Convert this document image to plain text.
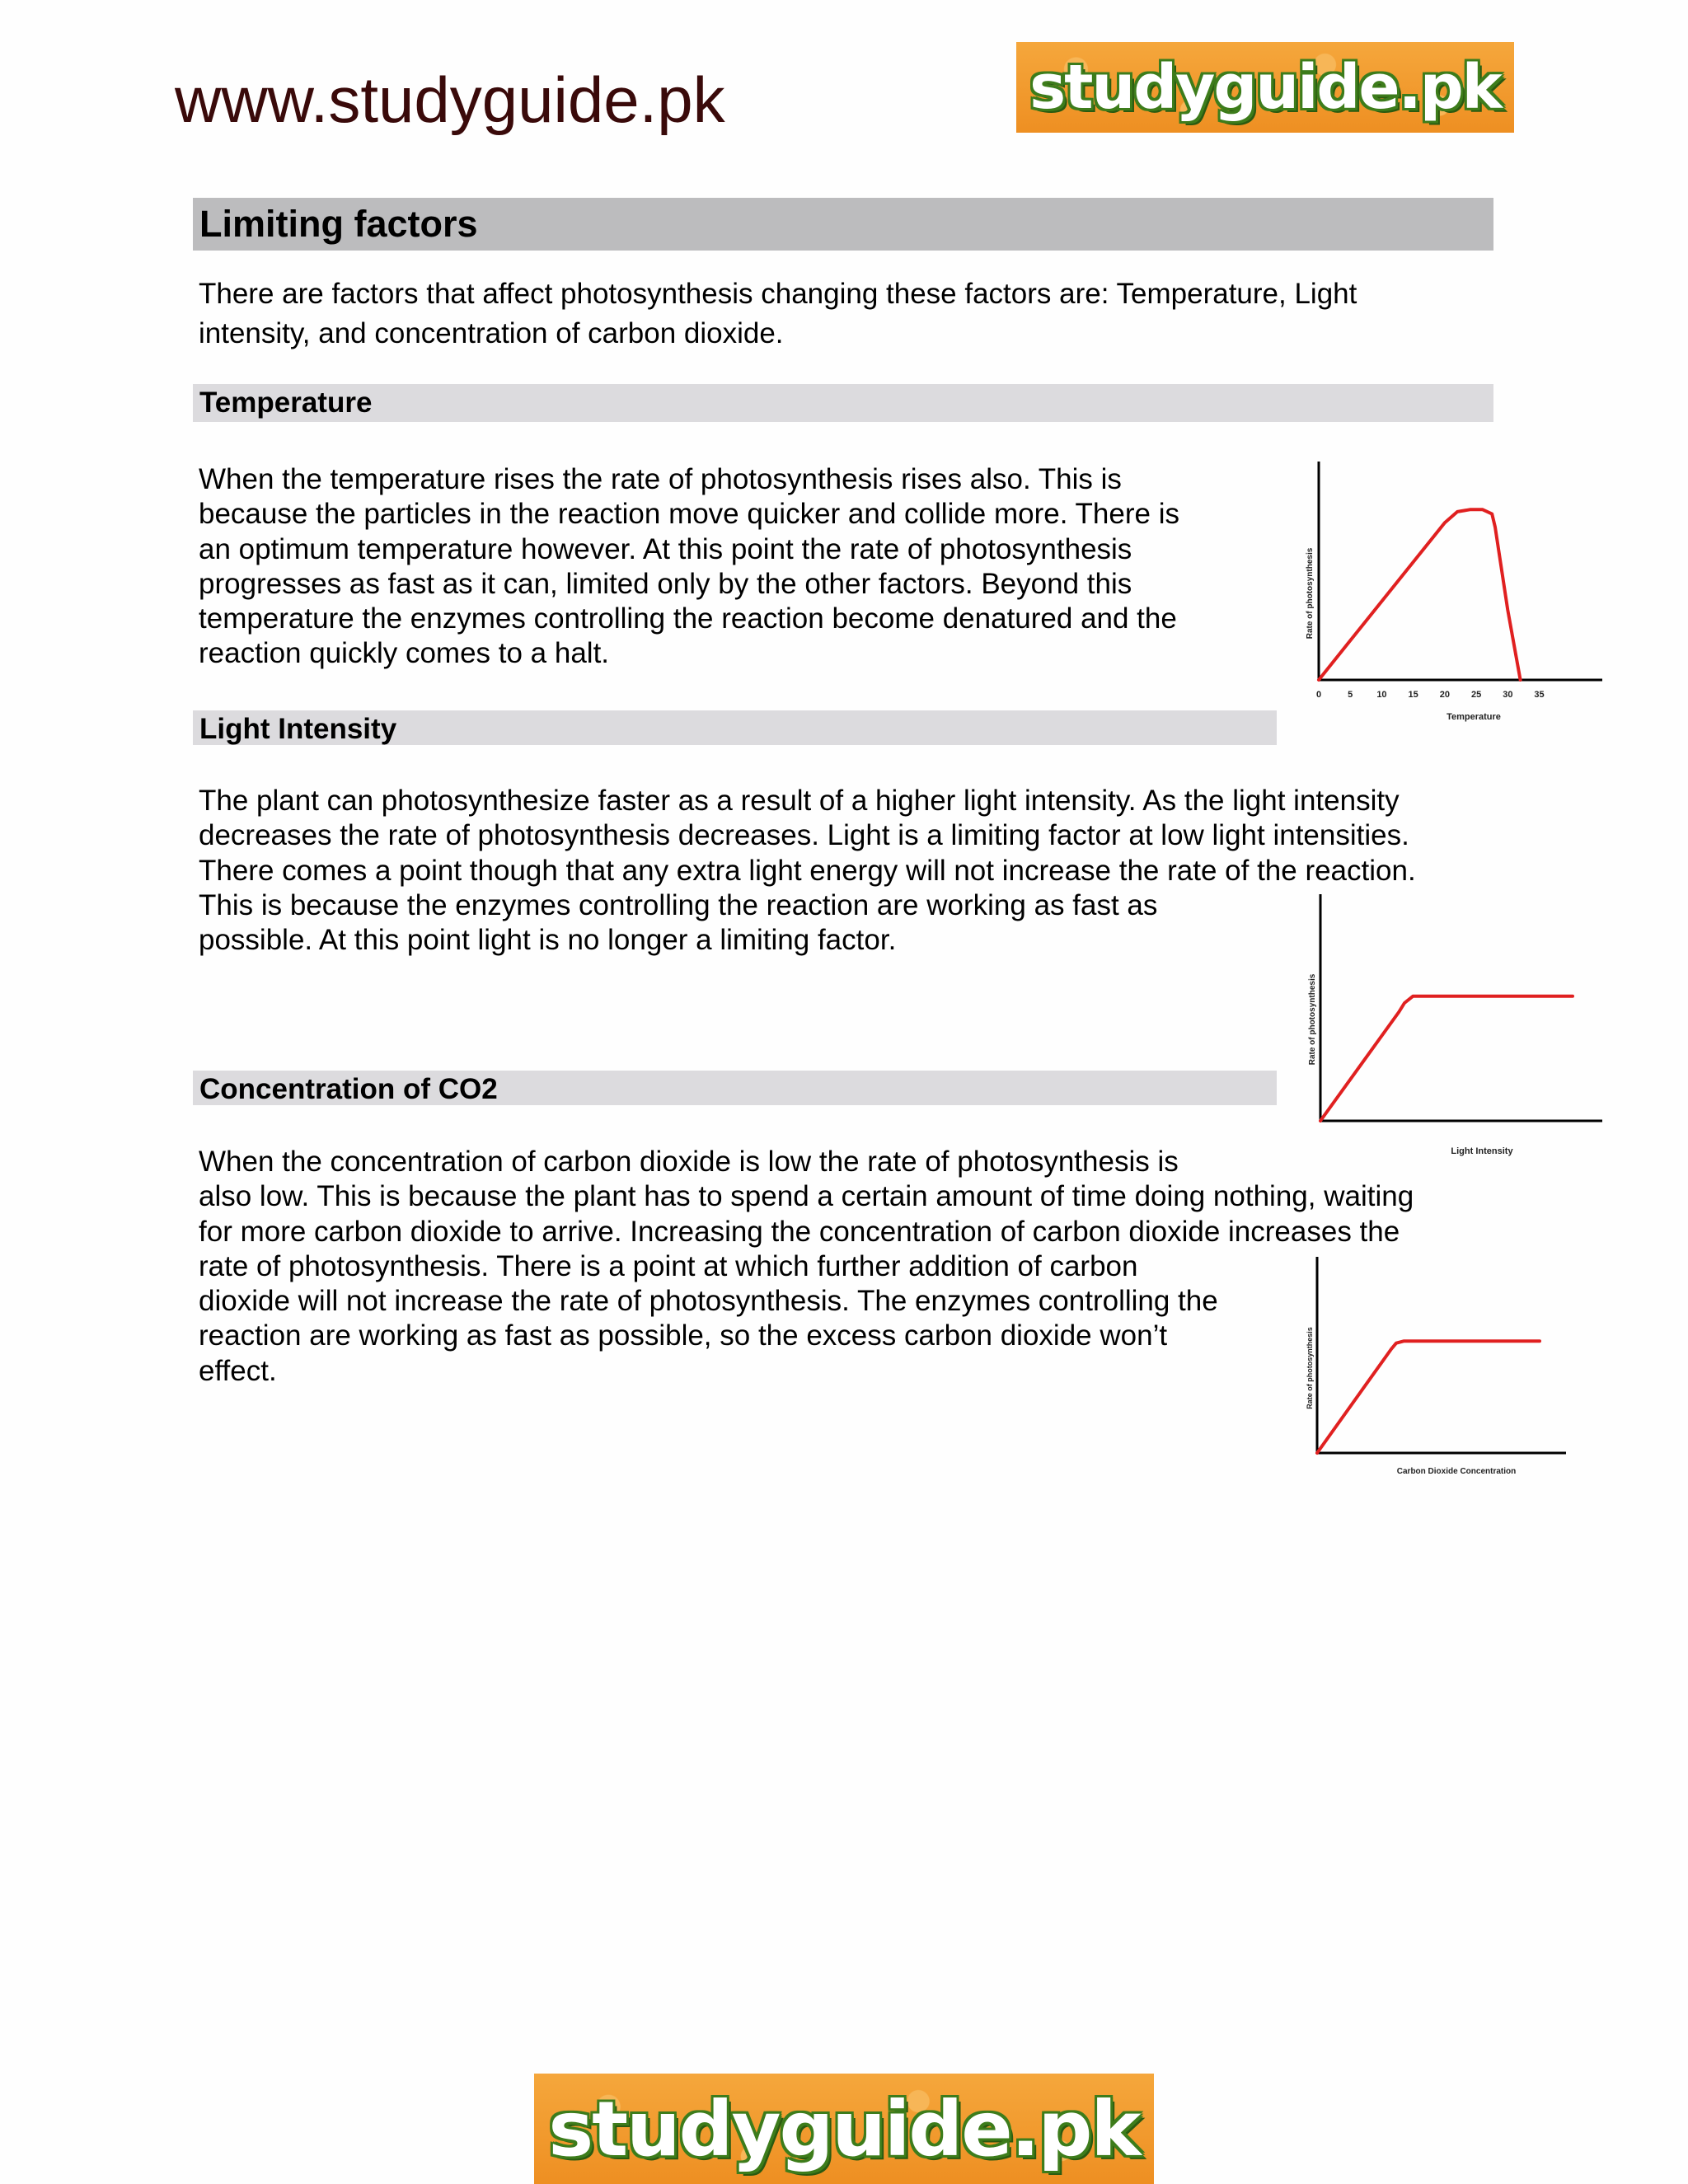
www.studyguide.pk	studyguide.pk
Limiting factors

There are factors that affect photosynthesis changing these factors are: Temperature, Light
intensity, and concentration of carbon dioxide.

Temperature

When the temperature rises the rate of photosynthesis rises also. This is
because the particles in the reaction move quicker and collide more. There is
an optimum temperature however. At this point the rate of photosynthesis
progresses as fast as it can, limited only by the other factors. Beyond this
temperature the enzymes controlling the reaction become denatured and the
reaction quickly comes to a halt.

0	5	10 15 20 25 30 35
Rate of photosynthesis
Temperature
Light Intensity

The plant can photosynthesize faster as a result of a higher light intensity. As the light intensity
decreases the rate of photosynthesis decreases. Light is a limiting factor at low light intensities.
There comes a point though that any extra light energy will not increase the rate of the reaction.
This is because the enzymes controlling the reaction are working as fast as
possible. At this point light is no longer a limiting factor.

Rate of photosynthesis
Light Intensity
Concentration of CO2

When the concentration of carbon dioxide is low the rate of photosynthesis is
also low. This is because the plant has to spend a certain amount of time doing nothing, waiting
for more carbon dioxide to arrive. Increasing the concentration of carbon dioxide increases the
rate of photosynthesis. There is a point at which further addition of carbon
dioxide will not increase the rate of photosynthesis. The enzymes controlling the
reaction are working as fast as possible, so the excess carbon dioxide won’t
effect.	Rate of photosynthesis
Carbon Dioxide Concentration
studyguide.pk
